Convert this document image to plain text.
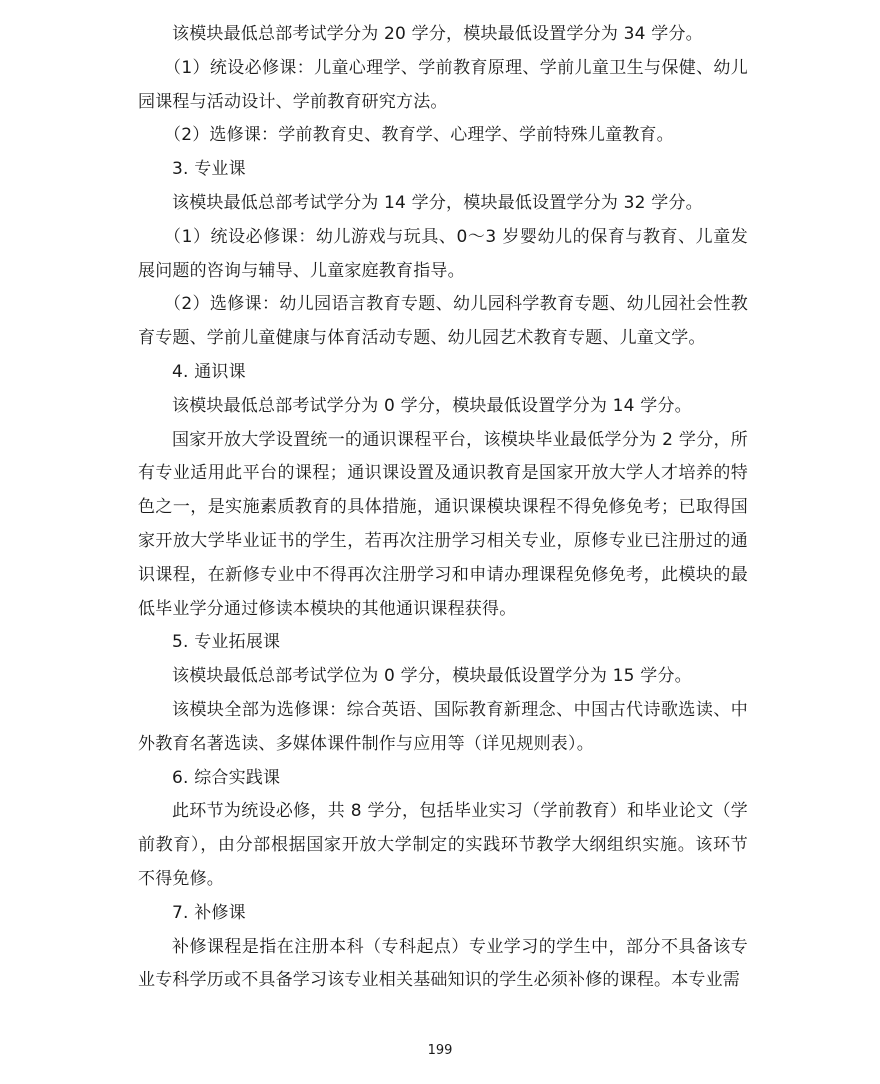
该模块最低总部考试学分为 20 学分，模块最低设置学分为 34 学分。

（1）统设必修课：儿童心理学、学前教育原理、学前儿童卫生与保健、幼儿园课程与活动设计、学前教育研究方法。

（2）选修课：学前教育史、教育学、心理学、学前特殊儿童教育。

3. 专业课

该模块最低总部考试学分为 14 学分，模块最低设置学分为 32 学分。

（1）统设必修课：幼儿游戏与玩具、0～3 岁婴幼儿的保育与教育、儿童发展问题的咨询与辅导、儿童家庭教育指导。

（2）选修课：幼儿园语言教育专题、幼儿园科学教育专题、幼儿园社会性教育专题、学前儿童健康与体育活动专题、幼儿园艺术教育专题、儿童文学。

4. 通识课

该模块最低总部考试学分为 0 学分，模块最低设置学分为 14 学分。

国家开放大学设置统一的通识课程平台，该模块毕业最低学分为 2 学分，所有专业适用此平台的课程；通识课设置及通识教育是国家开放大学人才培养的特色之一，是实施素质教育的具体措施，通识课模块课程不得免修免考；已取得国家开放大学毕业证书的学生，若再次注册学习相关专业，原修专业已注册过的通识课程，在新修专业中不得再次注册学习和申请办理课程免修免考，此模块的最低毕业学分通过修读本模块的其他通识课程获得。

5. 专业拓展课

该模块最低总部考试学位为 0 学分，模块最低设置学分为 15 学分。

该模块全部为选修课：综合英语、国际教育新理念、中国古代诗歌选读、中外教育名著选读、多媒体课件制作与应用等（详见规则表）。

6. 综合实践课

此环节为统设必修，共 8 学分，包括毕业实习（学前教育）和毕业论文（学前教育），由分部根据国家开放大学制定的实践环节教学大纲组织实施。该环节不得免修。

7. 补修课

补修课程是指在注册本科（专科起点）专业学习的学生中，部分不具备该专业专科学历或不具备学习该专业相关基础知识的学生必须补修的课程。本专业需

199
